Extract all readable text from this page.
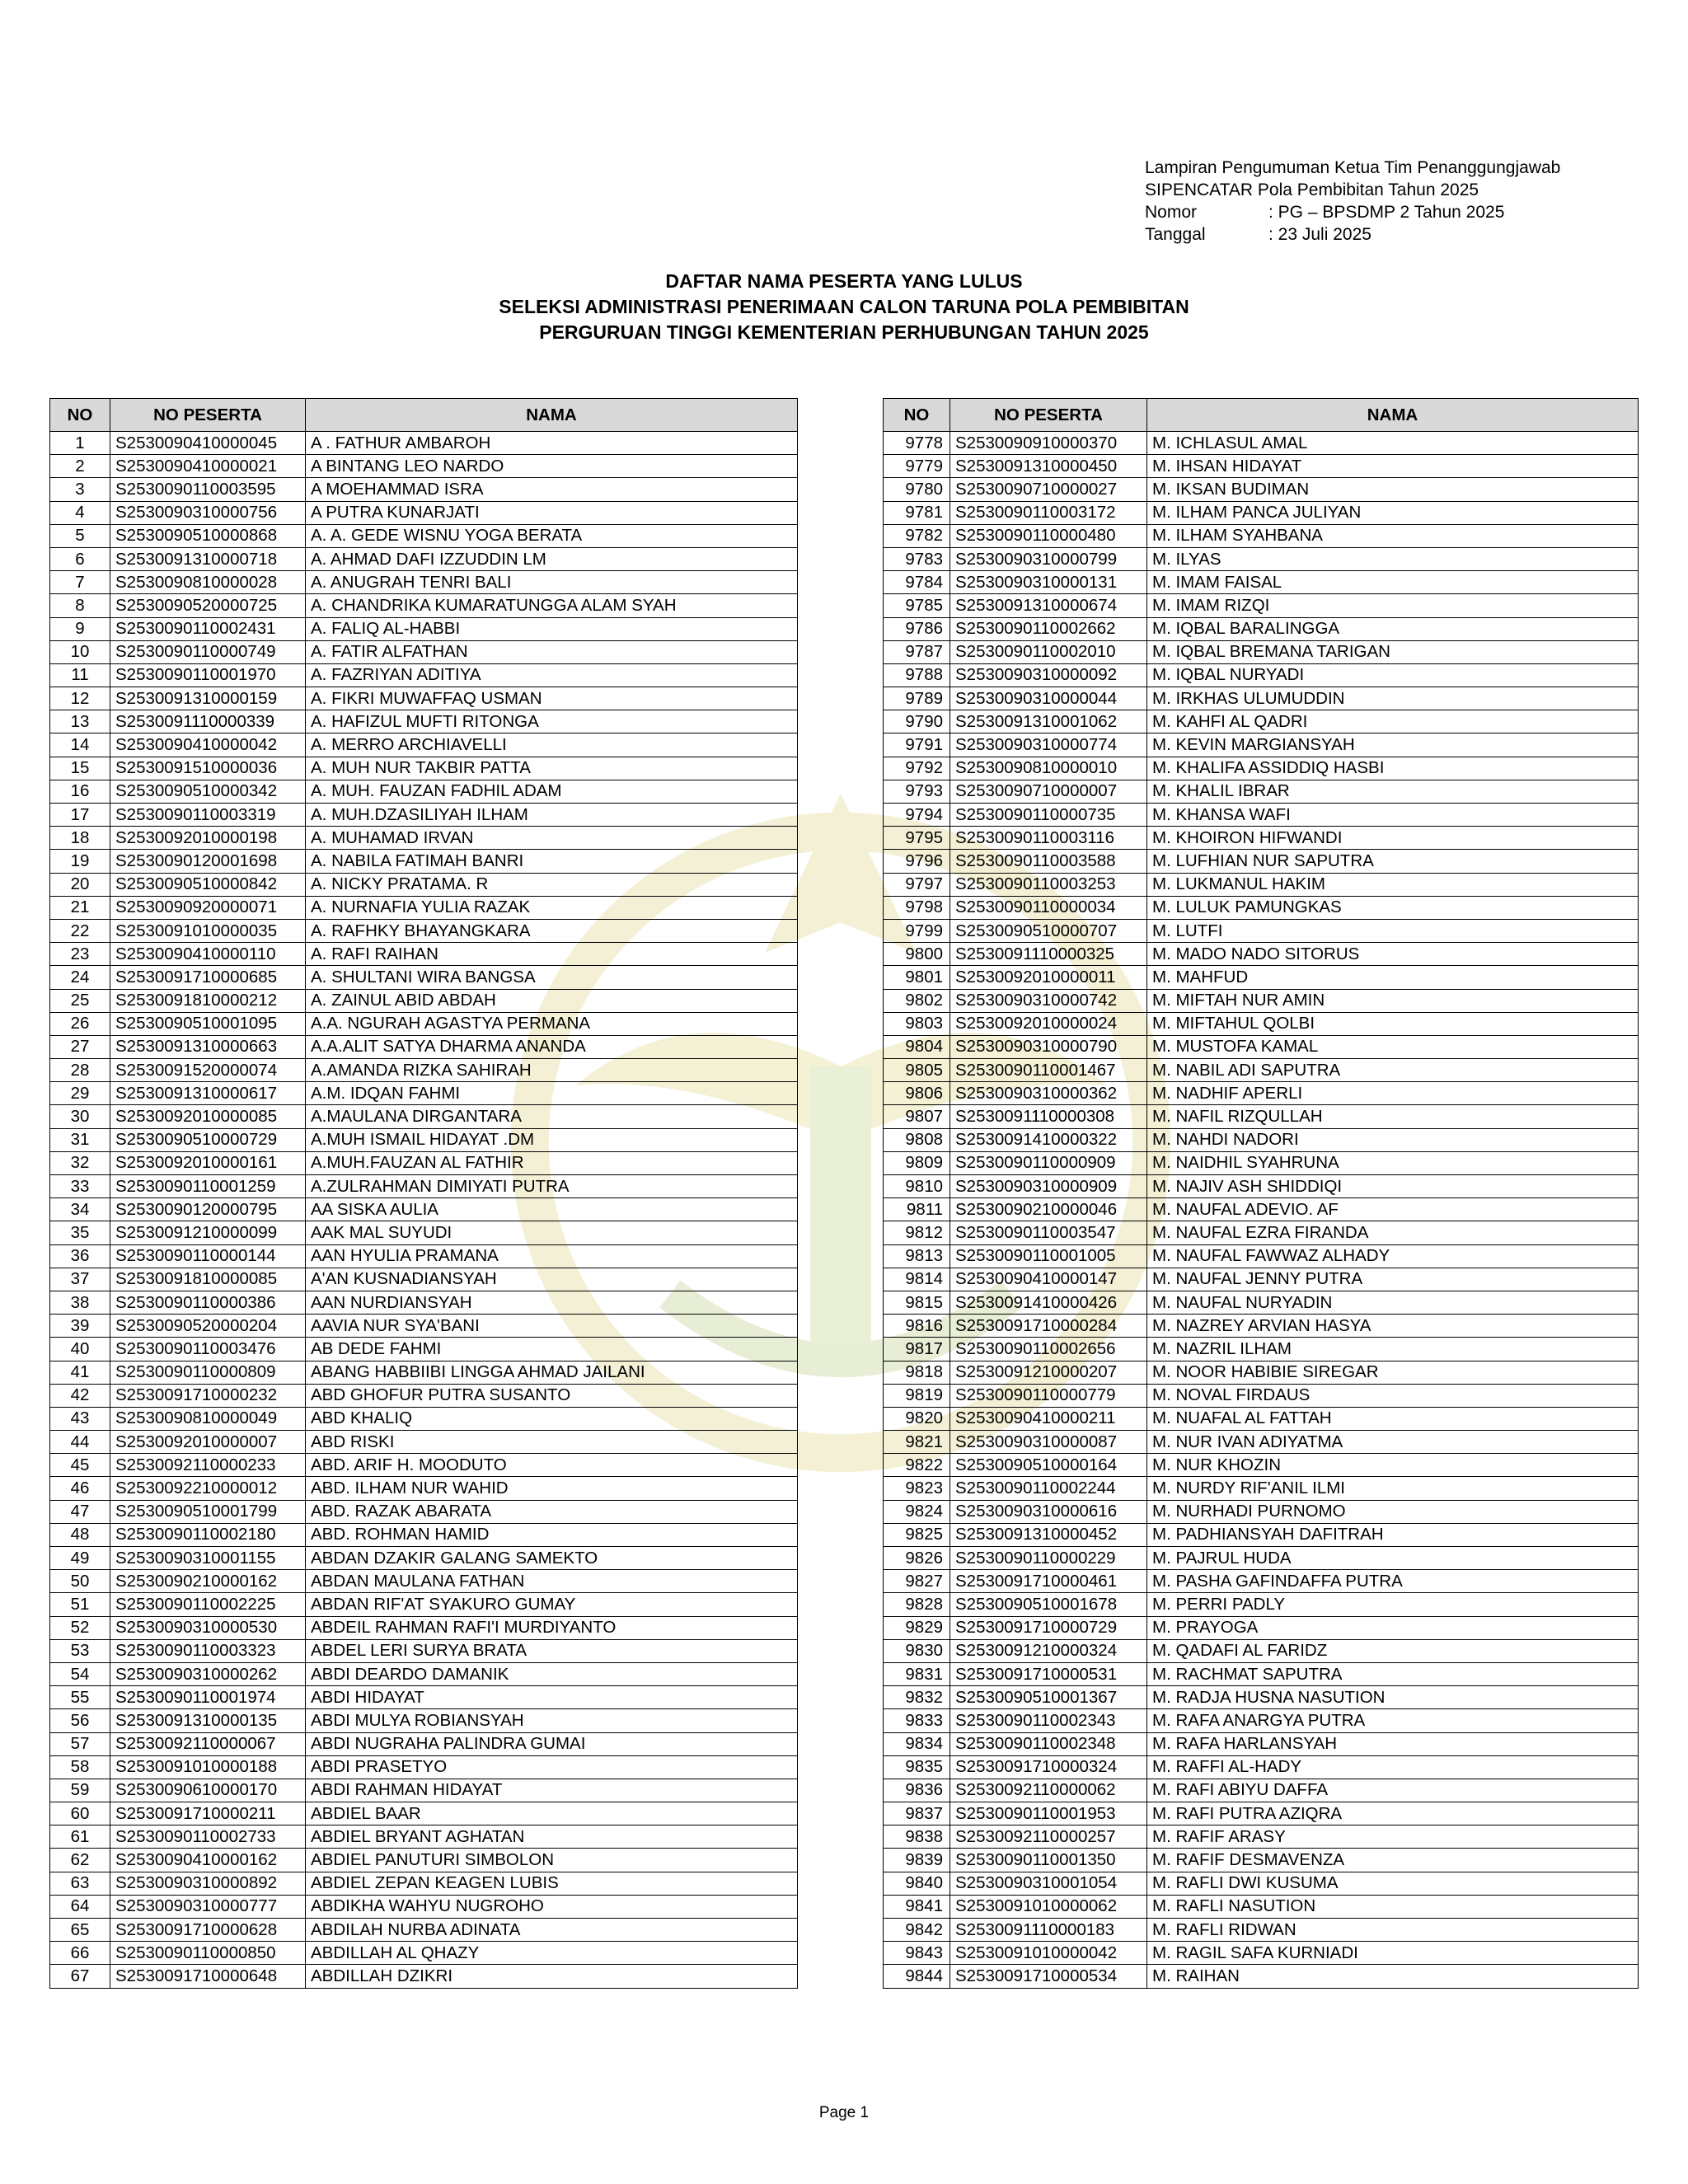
Lampiran Pengumuman Ketua Tim Penanggungjawab
SIPENCATAR Pola Pembibitan Tahun 2025
Nomor	: PG – BPSDMP 2 Tahun 2025
Tanggal	: 23 Juli 2025
DAFTAR NAMA PESERTA YANG LULUS
SELEKSI ADMINISTRASI PENERIMAAN CALON TARUNA POLA PEMBIBITAN
PERGURUAN TINGGI KEMENTERIAN PERHUBUNGAN TAHUN 2025
NO	NO PESERTA	NAMA
1	S2530090410000045	A . FATHUR AMBAROH
2	S2530090410000021	A BINTANG LEO NARDO
3	S2530090110003595	A MOEHAMMAD ISRA
4	S2530090310000756	A PUTRA KUNARJATI
5	S2530090510000868	A. A. GEDE WISNU YOGA BERATA
6	S2530091310000718	A. AHMAD DAFI IZZUDDIN LM
7	S2530090810000028	A. ANUGRAH TENRI BALI
8	S2530090520000725	A. CHANDRIKA KUMARATUNGGA ALAM SYAH
9	S2530090110002431	A. FALIQ AL-HABBI
10	S2530090110000749	A. FATIR ALFATHAN
11	S2530090110001970	A. FAZRIYAN ADITIYA
12	S2530091310000159	A. FIKRI MUWAFFAQ USMAN
13	S2530091110000339	A. HAFIZUL MUFTI RITONGA
14	S2530090410000042	A. MERRO ARCHIAVELLI
15	S2530091510000036	A. MUH NUR TAKBIR PATTA
16	S2530090510000342	A. MUH. FAUZAN FADHIL ADAM
17	S2530090110003319	A. MUH.DZASILIYAH ILHAM
18	S2530092010000198	A. MUHAMAD IRVAN
19	S2530090120001698	A. NABILA FATIMAH BANRI
20	S2530090510000842	A. NICKY PRATAMA. R
21	S2530090920000071	A. NURNAFIA YULIA RAZAK
22	S2530091010000035	A. RAFHKY BHAYANGKARA
23	S2530090410000110	A. RAFI RAIHAN
24	S2530091710000685	A. SHULTANI WIRA BANGSA
25	S2530091810000212	A. ZAINUL ABID ABDAH
26	S2530090510001095	A.A. NGURAH AGASTYA PERMANA
27	S2530091310000663	A.A.ALIT SATYA DHARMA ANANDA
28	S2530091520000074	A.AMANDA RIZKA SAHIRAH
29	S2530091310000617	A.M. IDQAN FAHMI
30	S2530092010000085	A.MAULANA DIRGANTARA
31	S2530090510000729	A.MUH ISMAIL HIDAYAT .DM
32	S2530092010000161	A.MUH.FAUZAN AL FATHIR
33	S2530090110001259	A.ZULRAHMAN DIMIYATI PUTRA
34	S2530090120000795	AA SISKA AULIA
35	S2530091210000099	AAK MAL SUYUDI
36	S2530090110000144	AAN HYULIA PRAMANA
37	S2530091810000085	A'AN KUSNADIANSYAH
38	S2530090110000386	AAN NURDIANSYAH
39	S2530090520000204	AAVIA NUR SYA'BANI
40	S2530090110003476	AB DEDE FAHMI
41	S2530090110000809	ABANG HABBIIBI LINGGA AHMAD JAILANI
42	S2530091710000232	ABD GHOFUR PUTRA SUSANTO
43	S2530090810000049	ABD KHALIQ
44	S2530092010000007	ABD RISKI
45	S2530092110000233	ABD. ARIF H. MOODUTO
46	S2530092210000012	ABD. ILHAM NUR WAHID
47	S2530090510001799	ABD. RAZAK ABARATA
48	S2530090110002180	ABD. ROHMAN HAMID
49	S2530090310001155	ABDAN DZAKIR GALANG SAMEKTO
50	S2530090210000162	ABDAN MAULANA FATHAN
51	S2530090110002225	ABDAN RIF'AT SYAKURO GUMAY
52	S2530090310000530	ABDEIL RAHMAN RAFI'I MURDIYANTO
53	S2530090110003323	ABDEL LERI SURYA BRATA
54	S2530090310000262	ABDI DEARDO DAMANIK
55	S2530090110001974	ABDI HIDAYAT
56	S2530091310000135	ABDI MULYA ROBIANSYAH
57	S2530092110000067	ABDI NUGRAHA PALINDRA GUMAI
58	S2530091010000188	ABDI PRASETYO
59	S2530090610000170	ABDI RAHMAN HIDAYAT
60	S2530091710000211	ABDIEL BAAR
61	S2530090110002733	ABDIEL BRYANT AGHATAN
62	S2530090410000162	ABDIEL PANUTURI SIMBOLON
63	S2530090310000892	ABDIEL ZEPAN KEAGEN LUBIS
64	S2530090310000777	ABDIKHA WAHYU NUGROHO
65	S2530091710000628	ABDILAH NURBA ADINATA
66	S2530090110000850	ABDILLAH AL QHAZY
67	S2530091710000648	ABDILLAH DZIKRI
NO	NO PESERTA	NAMA
9778	S2530090910000370	M. ICHLASUL AMAL
9779	S2530091310000450	M. IHSAN HIDAYAT
9780	S2530090710000027	M. IKSAN BUDIMAN
9781	S2530090110003172	M. ILHAM PANCA JULIYAN
9782	S2530090110000480	M. ILHAM SYAHBANA
9783	S2530090310000799	M. ILYAS
9784	S2530090310000131	M. IMAM FAISAL
9785	S2530091310000674	M. IMAM RIZQI
9786	S2530090110002662	M. IQBAL BARALINGGA
9787	S2530090110002010	M. IQBAL BREMANA TARIGAN
9788	S2530090310000092	M. IQBAL NURYADI
9789	S2530090310000044	M. IRKHAS ULUMUDDIN
9790	S2530091310001062	M. KAHFI AL QADRI
9791	S2530090310000774	M. KEVIN MARGIANSYAH
9792	S2530090810000010	M. KHALIFA ASSIDDIQ HASBI
9793	S2530090710000007	M. KHALIL IBRAR
9794	S2530090110000735	M. KHANSA WAFI
9795	S2530090110003116	M. KHOIRON HIFWANDI
9796	S2530090110003588	M. LUFHIAN NUR SAPUTRA
9797	S2530090110003253	M. LUKMANUL HAKIM
9798	S2530090110000034	M. LULUK PAMUNGKAS
9799	S2530090510000707	M. LUTFI
9800	S2530091110000325	M. MADO NADO SITORUS
9801	S2530092010000011	M. MAHFUD
9802	S2530090310000742	M. MIFTAH NUR AMIN
9803	S2530092010000024	M. MIFTAHUL QOLBI
9804	S2530090310000790	M. MUSTOFA KAMAL
9805	S2530090110001467	M. NABIL ADI SAPUTRA
9806	S2530090310000362	M. NADHIF APERLI
9807	S2530091110000308	M. NAFIL RIZQULLAH
9808	S2530091410000322	M. NAHDI NADORI
9809	S2530090110000909	M. NAIDHIL SYAHRUNA
9810	S2530090310000909	M. NAJIV ASH SHIDDIQI
9811	S2530090210000046	M. NAUFAL ADEVIO. AF
9812	S2530090110003547	M. NAUFAL EZRA FIRANDA
9813	S2530090110001005	M. NAUFAL FAWWAZ ALHADY
9814	S2530090410000147	M. NAUFAL JENNY PUTRA
9815	S2530091410000426	M. NAUFAL NURYADIN
9816	S2530091710000284	M. NAZREY ARVIAN HASYA
9817	S2530090110002656	M. NAZRIL ILHAM
9818	S2530091210000207	M. NOOR HABIBIE SIREGAR
9819	S2530090110000779	M. NOVAL FIRDAUS
9820	S2530090410000211	M. NUAFAL AL FATTAH
9821	S2530090310000087	M. NUR IVAN ADIYATMA
9822	S2530090510000164	M. NUR KHOZIN
9823	S2530090110002244	M. NURDY RIF'ANIL ILMI
9824	S2530090310000616	M. NURHADI PURNOMO
9825	S2530091310000452	M. PADHIANSYAH DAFITRAH
9826	S2530090110000229	M. PAJRUL HUDA
9827	S2530091710000461	M. PASHA GAFINDAFFA PUTRA
9828	S2530090510001678	M. PERRI PADLY
9829	S2530091710000729	M. PRAYOGA
9830	S2530091210000324	M. QADAFI AL FARIDZ
9831	S2530091710000531	M. RACHMAT SAPUTRA
9832	S2530090510001367	M. RADJA HUSNA NASUTION
9833	S2530090110002343	M. RAFA ANARGYA PUTRA
9834	S2530090110002348	M. RAFA HARLANSYAH
9835	S2530091710000324	M. RAFFI AL-HADY
9836	S2530092110000062	M. RAFI ABIYU DAFFA
9837	S2530090110001953	M. RAFI PUTRA AZIQRA
9838	S2530092110000257	M. RAFIF ARASY
9839	S2530090110001350	M. RAFIF DESMAVENZA
9840	S2530090310001054	M. RAFLI DWI KUSUMA
9841	S2530091010000062	M. RAFLI NASUTION
9842	S2530091110000183	M. RAFLI RIDWAN
9843	S2530091010000042	M. RAGIL SAFA KURNIADI
9844	S2530091710000534	M. RAIHAN
Page 1
